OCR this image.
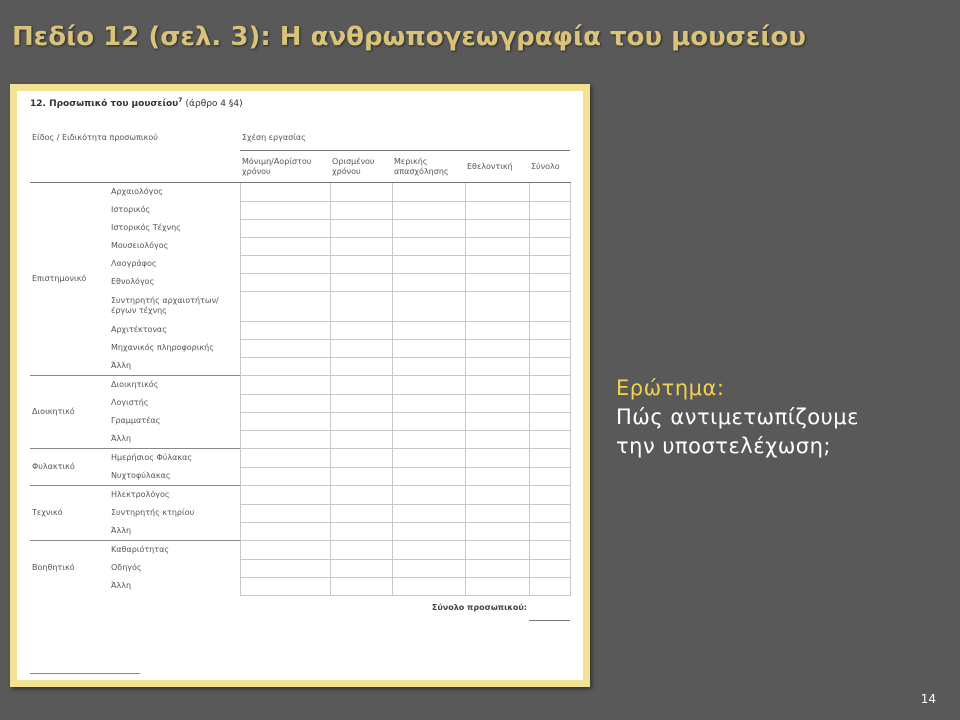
Πεδίο 12 (σελ. 3): Η ανθρωπογεωγραφία του μουσείου
12. Προσωπικό του μουσείου$^7$ (άρθρο 4 §4)
Είδος / Ειδικότητα προσωπικού		Σχέση εργασίας				
		Μόνιμη/Αορίστου χρόνου	Ορισμένου χρόνου	Μερικής απασχόλησης	Εθελοντική	Σύνολο
Επιστημονικό	Αρχαιολόγος					
	Ιστορικός					
	Ιστορικός Τέχνης					
	Μουσειολόγος					
	Λαογράφος					
	Εθνολόγος					
	Συντηρητής αρχαιοτήτων/ έργων τέχνης					
	Αρχιτέκτονας					
	Μηχανικός πληροφορικής					
	Άλλη					
Διοικητικό	Διοικητικός					
	Λογιστής					
	Γραμματέας					
	Άλλη					
Φυλακτικό	Ημερήσιος Φύλακας					
	Νυχτοφύλακας					
Τεχνικό	Ηλεκτρολόγος					
	Συντηρητής κτηρίου					
	Άλλη					
Βοηθητικό	Καθαριότητας					
	Οδηγός					
	Άλλη					
Σύνολο προσωπικού:						
Ερώτημα:
Πώς αντιμετωπίζουμε
την υποστελέχωση;
14
